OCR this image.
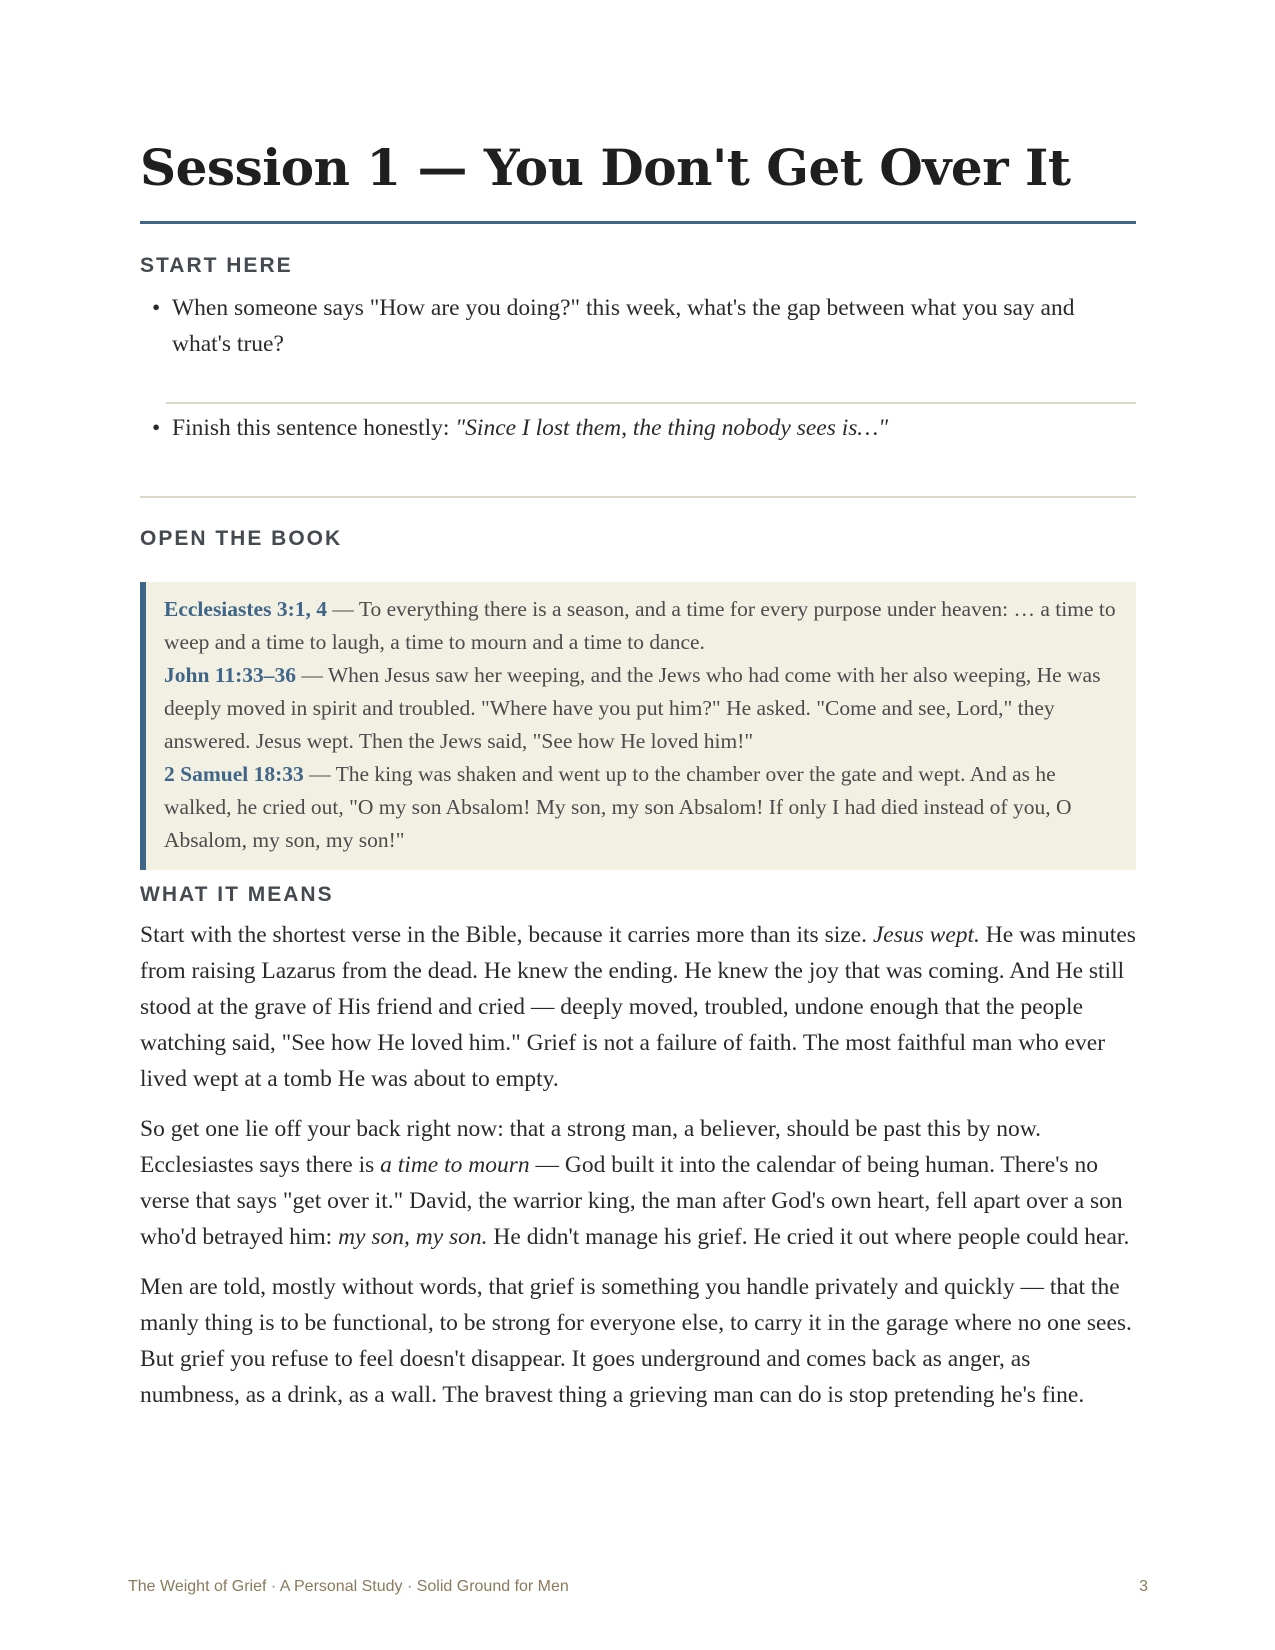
Session 1 — You Don't Get Over It
START HERE
• When someone says "How are you doing?" this week, what's the gap between what you say and what's true?
• Finish this sentence honestly: "Since I lost them, the thing nobody sees is…"
OPEN THE BOOK
Ecclesiastes 3:1, 4 — To everything there is a season, and a time for every purpose under heaven: … a time to weep and a time to laugh, a time to mourn and a time to dance.
John 11:33–36 — When Jesus saw her weeping, and the Jews who had come with her also weeping, He was deeply moved in spirit and troubled. "Where have you put him?" He asked. "Come and see, Lord," they answered. Jesus wept. Then the Jews said, "See how He loved him!"
2 Samuel 18:33 — The king was shaken and went up to the chamber over the gate and wept. And as he walked, he cried out, "O my son Absalom! My son, my son Absalom! If only I had died instead of you, O Absalom, my son, my son!"
WHAT IT MEANS

Start with the shortest verse in the Bible, because it carries more than its size. Jesus wept. He was minutes from raising Lazarus from the dead. He knew the ending. He knew the joy that was coming. And He still stood at the grave of His friend and cried — deeply moved, troubled, undone enough that the people watching said, "See how He loved him." Grief is not a failure of faith. The most faithful man who ever lived wept at a tomb He was about to empty.

So get one lie off your back right now: that a strong man, a believer, should be past this by now. Ecclesiastes says there is a time to mourn — God built it into the calendar of being human. There's no verse that says "get over it." David, the warrior king, the man after God's own heart, fell apart over a son who'd betrayed him: my son, my son. He didn't manage his grief. He cried it out where people could hear.

Men are told, mostly without words, that grief is something you handle privately and quickly — that the manly thing is to be functional, to be strong for everyone else, to carry it in the garage where no one sees. But grief you refuse to feel doesn't disappear. It goes underground and comes back as anger, as numbness, as a drink, as a wall. The bravest thing a grieving man can do is stop pretending he's fine.

The Weight of Grief · A Personal Study · Solid Ground for Men	3
